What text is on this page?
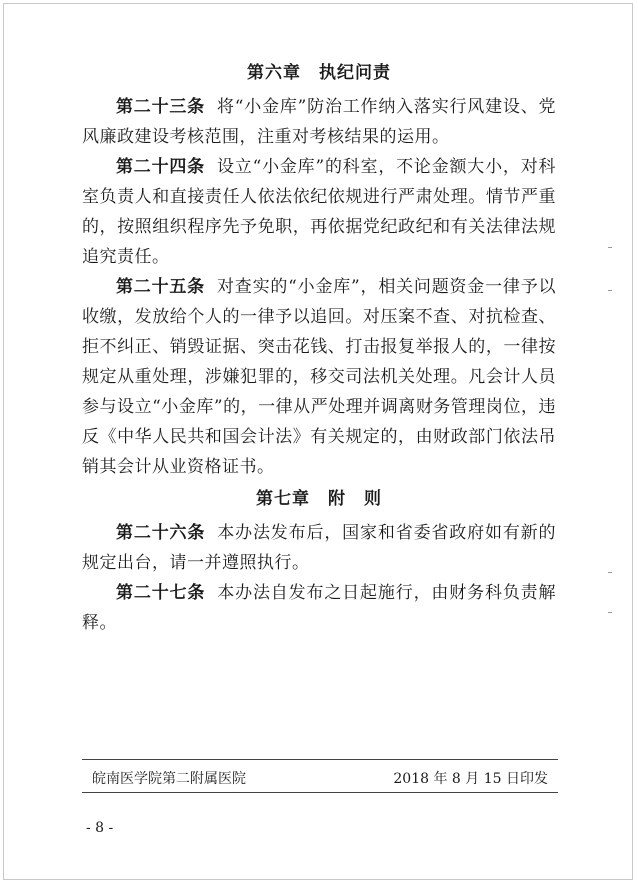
第六章　执纪问责

第二十三条 将“小金库”防治工作纳入落实行风建设、党风廉政建设考核范围，注重对考核结果的运用。

第二十四条 设立“小金库”的科室，不论金额大小，对科室负责人和直接责任人依法依纪依规进行严肃处理。情节严重的，按照组织程序先予免职，再依据党纪政纪和有关法律法规追究责任。

第二十五条 对查实的“小金库”，相关问题资金一律予以收缴，发放给个人的一律予以追回。对压案不查、对抗检查、拒不纠正、销毁证据、突击花钱、打击报复举报人的，一律按规定从重处理，涉嫌犯罪的，移交司法机关处理。凡会计人员参与设立“小金库”的，一律从严处理并调离财务管理岗位，违反《中华人民共和国会计法》有关规定的，由财政部门依法吊销其会计从业资格证书。

第七章　附　则

第二十六条 本办法发布后，国家和省委省政府如有新的规定出台，请一并遵照执行。

第二十七条 本办法自发布之日起施行，由财务科负责解释。

皖南医学院第二附属医院	2018 年 8 月 15 日印发
- 8 -
